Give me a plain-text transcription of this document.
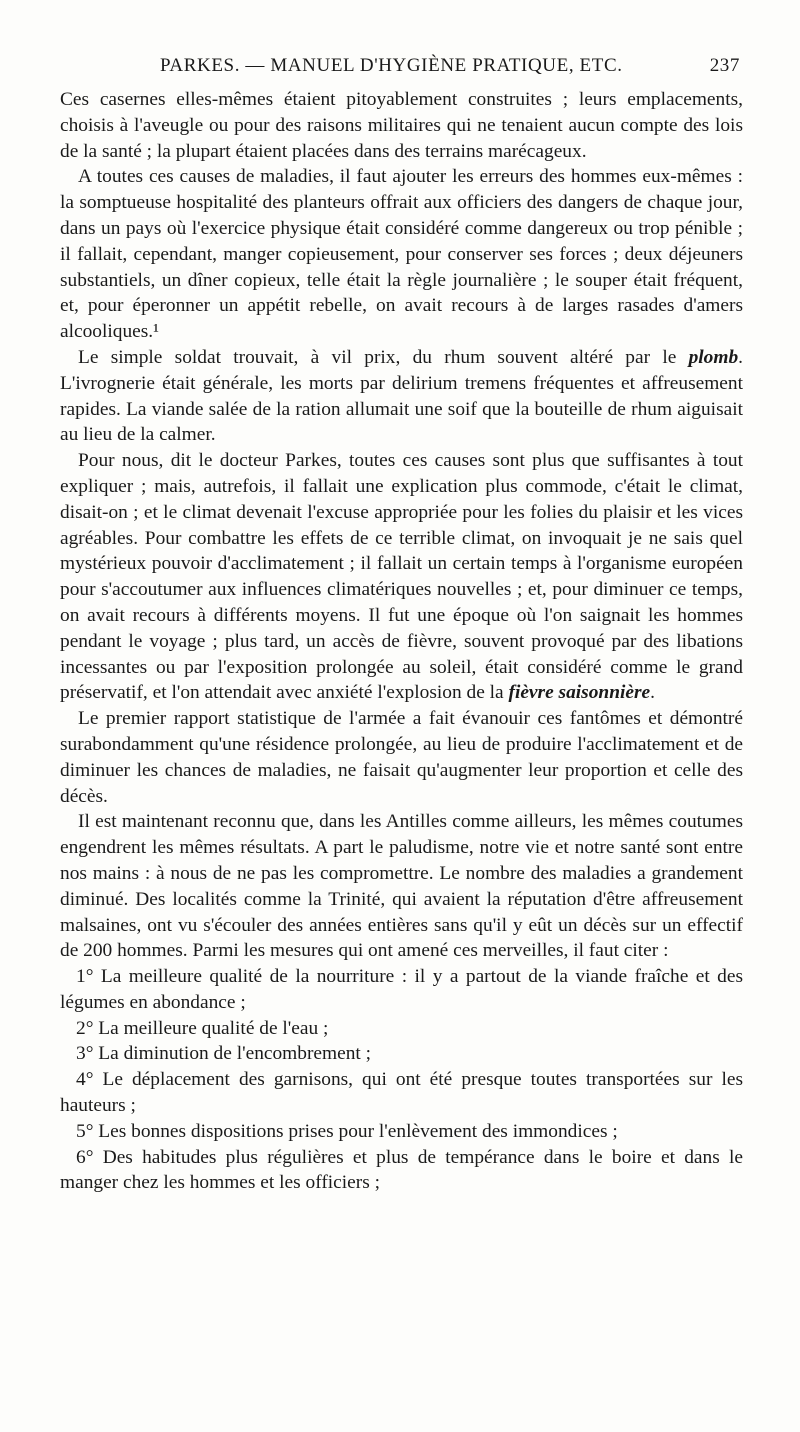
PARKES. — MANUEL D'HYGIÈNE PRATIQUE, ETC.	237

Ces casernes elles-mêmes étaient pitoyablement construites ; leurs emplacements, choisis à l'aveugle ou pour des raisons militaires qui ne tenaient aucun compte des lois de la santé ; la plupart étaient placées dans des terrains marécageux.

A toutes ces causes de maladies, il faut ajouter les erreurs des hommes eux-mêmes : la somptueuse hospitalité des planteurs offrait aux officiers des dangers de chaque jour, dans un pays où l'exercice physique était considéré comme dangereux ou trop pénible ; il fallait, cependant, manger copieusement, pour conserver ses forces ; deux déjeuners substantiels, un dîner copieux, telle était la règle journalière ; le souper était fréquent, et, pour éperonner un appétit rebelle, on avait recours à de larges rasades d'amers alcooliques.¹

Le simple soldat trouvait, à vil prix, du rhum souvent altéré par le plomb. L'ivrognerie était générale, les morts par delirium tremens fréquentes et affreusement rapides. La viande salée de la ration allumait une soif que la bouteille de rhum aiguisait au lieu de la calmer.

Pour nous, dit le docteur Parkes, toutes ces causes sont plus que suffisantes à tout expliquer ; mais, autrefois, il fallait une explication plus commode, c'était le climat, disait-on ; et le climat devenait l'excuse appropriée pour les folies du plaisir et les vices agréables. Pour combattre les effets de ce terrible climat, on invoquait je ne sais quel mystérieux pouvoir d'acclimatement ; il fallait un certain temps à l'organisme européen pour s'accoutumer aux influences climatériques nouvelles ; et, pour diminuer ce temps, on avait recours à différents moyens. Il fut une époque où l'on saignait les hommes pendant le voyage ; plus tard, un accès de fièvre, souvent provoqué par des libations incessantes ou par l'exposition prolongée au soleil, était considéré comme le grand préservatif, et l'on attendait avec anxiété l'explosion de la fièvre saisonnière.

Le premier rapport statistique de l'armée a fait évanouir ces fantômes et démontré surabondamment qu'une résidence prolongée, au lieu de produire l'acclimatement et de diminuer les chances de maladies, ne faisait qu'augmenter leur proportion et celle des décès.

Il est maintenant reconnu que, dans les Antilles comme ailleurs, les mêmes coutumes engendrent les mêmes résultats. A part le paludisme, notre vie et notre santé sont entre nos mains : à nous de ne pas les compromettre. Le nombre des maladies a grandement diminué. Des localités comme la Trinité, qui avaient la réputation d'être affreusement malsaines, ont vu s'écouler des années entières sans qu'il y eût un décès sur un effectif de 200 hommes. Parmi les mesures qui ont amené ces merveilles, il faut citer :

1° La meilleure qualité de la nourriture : il y a partout de la viande fraîche et des légumes en abondance ;

2° La meilleure qualité de l'eau ;

3° La diminution de l'encombrement ;

4° Le déplacement des garnisons, qui ont été presque toutes transportées sur les hauteurs ;

5° Les bonnes dispositions prises pour l'enlèvement des immondices ;

6° Des habitudes plus régulières et plus de tempérance dans le boire et dans le manger chez les hommes et les officiers ;
